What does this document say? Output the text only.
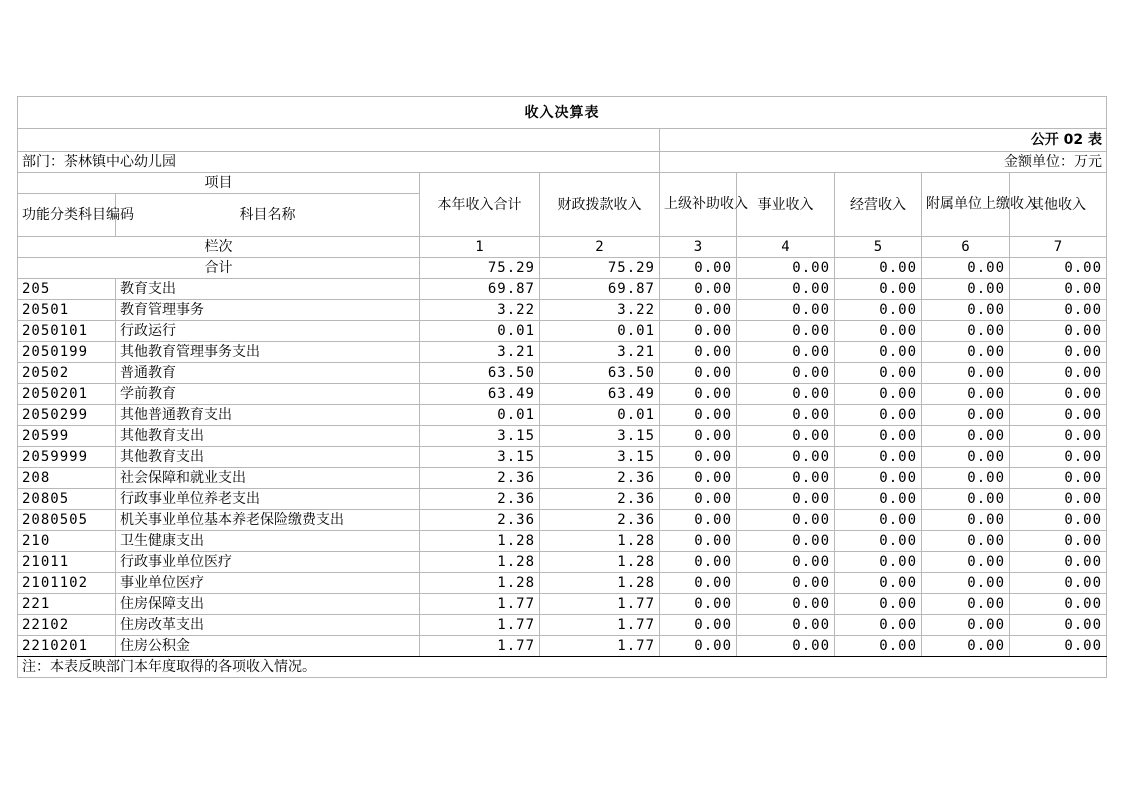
收入决算表								
				公开 02 表				
部门：茶林镇中心幼儿园				金额单位：万元				
项目		本年收入合计	财政拨款收入	上级补助收入	事业收入	经营收入	附属单位上缴收入	其他收入
功能分类科目编码	科目名称							
栏次		1	2	3	4	5	6	7
合计		75.29	75.29	0.00	0.00	0.00	0.00	0.00
205	教育支出	69.87	69.87	0.00	0.00	0.00	0.00	0.00
20501	教育管理事务	3.22	3.22	0.00	0.00	0.00	0.00	0.00
2050101	行政运行	0.01	0.01	0.00	0.00	0.00	0.00	0.00
2050199	其他教育管理事务支出	3.21	3.21	0.00	0.00	0.00	0.00	0.00
20502	普通教育	63.50	63.50	0.00	0.00	0.00	0.00	0.00
2050201	学前教育	63.49	63.49	0.00	0.00	0.00	0.00	0.00
2050299	其他普通教育支出	0.01	0.01	0.00	0.00	0.00	0.00	0.00
20599	其他教育支出	3.15	3.15	0.00	0.00	0.00	0.00	0.00
2059999	其他教育支出	3.15	3.15	0.00	0.00	0.00	0.00	0.00
208	社会保障和就业支出	2.36	2.36	0.00	0.00	0.00	0.00	0.00
20805	行政事业单位养老支出	2.36	2.36	0.00	0.00	0.00	0.00	0.00
2080505	机关事业单位基本养老保险缴费支出	2.36	2.36	0.00	0.00	0.00	0.00	0.00
210	卫生健康支出	1.28	1.28	0.00	0.00	0.00	0.00	0.00
21011	行政事业单位医疗	1.28	1.28	0.00	0.00	0.00	0.00	0.00
2101102	事业单位医疗	1.28	1.28	0.00	0.00	0.00	0.00	0.00
221	住房保障支出	1.77	1.77	0.00	0.00	0.00	0.00	0.00
22102	住房改革支出	1.77	1.77	0.00	0.00	0.00	0.00	0.00
2210201	住房公积金	1.77	1.77	0.00	0.00	0.00	0.00	0.00
注：本表反映部门本年度取得的各项收入情况。								
